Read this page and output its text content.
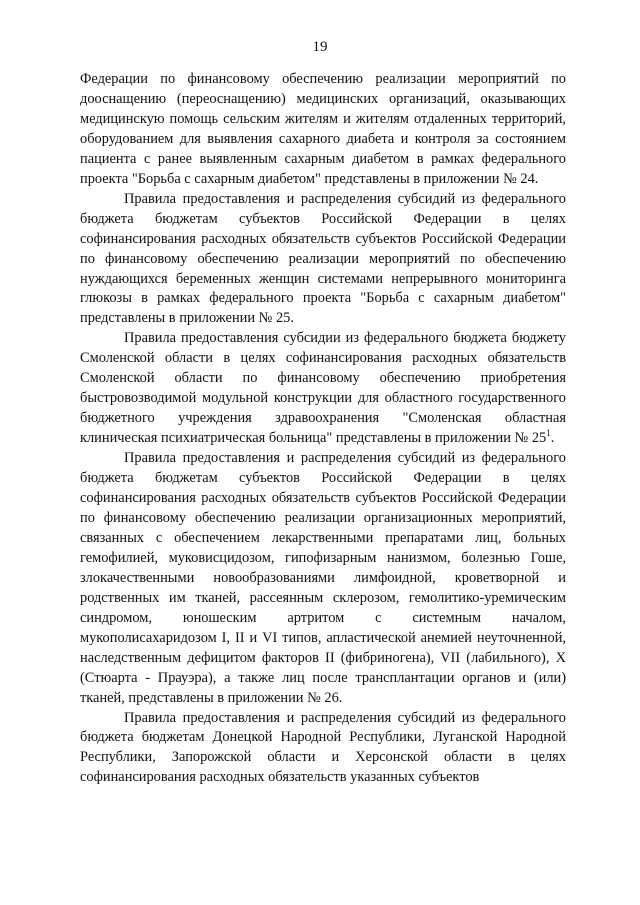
19

Федерации по финансовому обеспечению реализации мероприятий по дооснащению (переоснащению) медицинских организаций, оказывающих медицинскую помощь сельским жителям и жителям отдаленных территорий, оборудованием для выявления сахарного диабета и контроля за состоянием пациента с ранее выявленным сахарным диабетом в рамках федерального проекта "Борьба с сахарным диабетом" представлены в приложении № 24.

Правила предоставления и распределения субсидий из федерального бюджета бюджетам субъектов Российской Федерации в целях софинансирования расходных обязательств субъектов Российской Федерации по финансовому обеспечению реализации мероприятий по обеспечению нуждающихся беременных женщин системами непрерывного мониторинга глюкозы в рамках федерального проекта "Борьба с сахарным диабетом" представлены в приложении № 25.

Правила предоставления субсидии из федерального бюджета бюджету Смоленской области в целях софинансирования расходных обязательств Смоленской области по финансовому обеспечению приобретения быстровозводимой модульной конструкции для областного государственного бюджетного учреждения здравоохранения "Смоленская областная клиническая психиатрическая больница" представлены в приложении № $25^1$.

Правила предоставления и распределения субсидий из федерального бюджета бюджетам субъектов Российской Федерации в целях софинансирования расходных обязательств субъектов Российской Федерации по финансовому обеспечению реализации организационных мероприятий, связанных с обеспечением лекарственными препаратами лиц, больных гемофилией, муковисцидозом, гипофизарным нанизмом, болезнью Гоше, злокачественными новообразованиями лимфоидной, кроветворной и родственных им тканей, рассеянным склерозом, гемолитико-уремическим синдромом, юношеским артритом с системным началом, мукополисахаридозом I, II и VI типов, апластической анемией неуточненной, наследственным дефицитом факторов II (фибриногена), VII (лабильного), X (Стюарта - Прауэра), а также лиц после трансплантации органов и (или) тканей, представлены в приложении № 26.

Правила предоставления и распределения субсидий из федерального бюджета бюджетам Донецкой Народной Республики, Луганской Народной Республики, Запорожской области и Херсонской области в целях софинансирования расходных обязательств указанных субъектов
